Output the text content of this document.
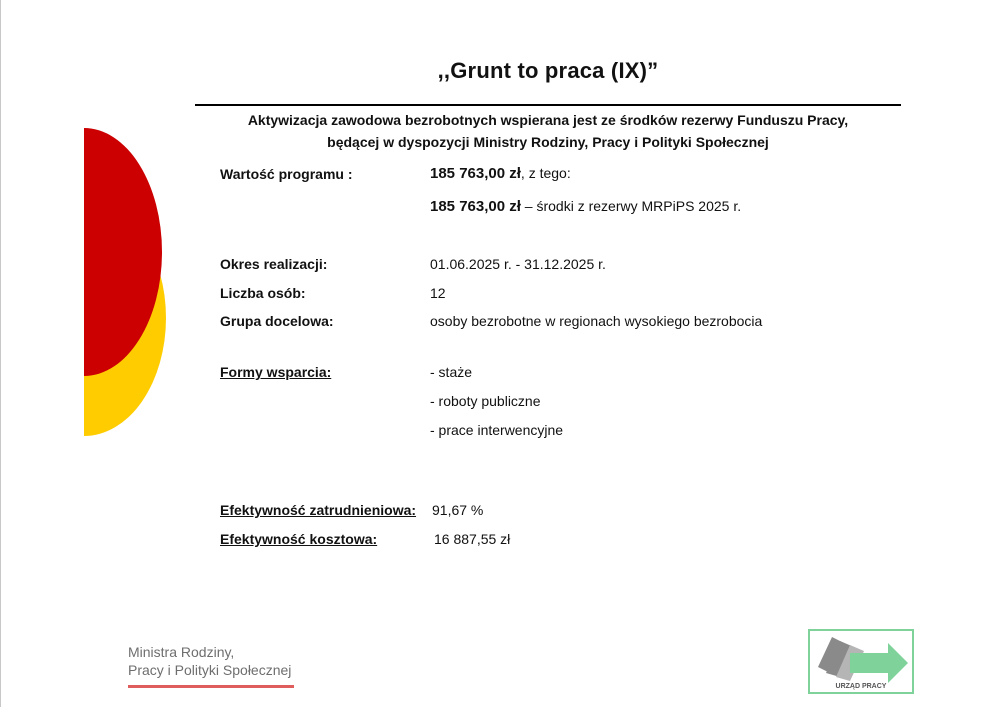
,,Grunt to praca (IX)”
Aktywizacja zawodowa bezrobotnych wspierana jest ze środków rezerwy Funduszu Pracy,
będącej w dyspozycji Ministry Rodziny, Pracy i Polityki Społecznej
Wartość programu :	185 763,00 zł, z tego:
185 763,00 zł – środki z rezerwy MRPiPS 2025 r.
Okres realizacji:	01.06.2025 r. - 31.12.2025 r.
Liczba osób:	12
Grupa docelowa:	osoby bezrobotne w regionach wysokiego bezrobocia
Formy wsparcia:	- staże
- roboty publiczne
- prace interwencyjne
Efektywność zatrudnieniowa: 91,67 %
Efektywność kosztowa:	16 887,55 zł
Ministra Rodziny,
Pracy i Polityki Społecznej
URZĄD PRACY
